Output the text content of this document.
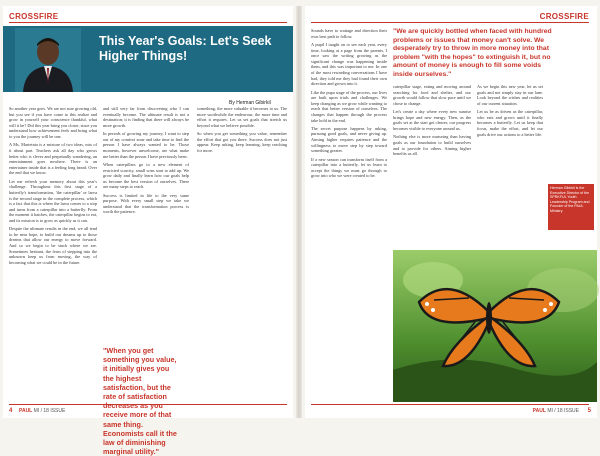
CROSSFIRE
This Year's Goals: Let's Seek Higher Things!
By Herman Gibirkil

So another year goes. We are not sure growing old, but you see if you have come to this realize and grow in yourself your conscience thankful, what will it be? Did this year bring you closer, since you understand how achievement feels and bring what to you the journey will be one.

A Ms. Marietnia is a mixture of two ideas, mix of it about part. Teachers ask all day who grows better who is clever and perpetually wandering, an entertainment goes nowhere. There is an entertainer inside that is a feeling long heard. Over the end that we know.

Let me refresh your memory about this year's challenge. Throughout this first stage of a butterfly's transformation, 'the caterpillar' or larva is the second stage in the complete process, which is a fact that this is where the larva comes to a stop and turns from a caterpillar into a butterfly. From the moment it hatches, the caterpillar begins to eat, and its mission is to grow as quickly as it can.

Despite the ultimate results in the end, we all tend to be near hope, to build our dreams up to those dreams that allow our energy to move forward. And so we begin to be stuck where we are. Sometimes hesitant, the fears of stepping into the unknown keep us from moving, the way of becoming what we could be in the future.

and still very far from discovering who I can eventually become. The ultimate result is not a destination; it is finding that there will always be more growth.

In periods of growing my journey, I want to step out of my comfort zone and take time to find the person I have always wanted to be. Those moments, however unwelcome, are what make me better than the person I have previously been.

When caterpillars go to a new element of restricted scarcity, small wins start to add up. We grow daily and finally learn how our goals help us become the best version of ourselves. There are many steps to reach.

Success is limited in life to the very same purpose. With every small step we take we understand that the transformation process is worth the patience.

"When you get something you value, it initially gives you the highest satisfaction, but the rate of satisfaction decreases as you receive more of that same thing. Economists call it the law of diminishing marginal utility."

something, the more valuable it becomes to us. The more worthwhile the endeavour, the more time and effort it requires. Let us set goals that stretch us beyond what we believe possible.

So when you get something you value, remember the effort that got you there. Success does not just appear. Keep asking, keep learning, keep reaching for more.

4 PAUL MI / 18 ISSUE
CROSSFIRE

Sounds have to wattage and direction their own best path to follow.

A pupil I taught on to see each year, every time, looking at a page from the parents, I once saw the writing growing as the significant change was happening inside them, and this was important to me. In one of the most rewarding conversations I have had, they told me they had found their own direction and grown into it.

Like the pupa stage of the process, our lives are built upon trials and challenges. We keep changing as we grow while wanting to reach that better version of ourselves. The changes that happen through the process take hold in the end.

The secret purpose happens by asking, pursuing good goals, and never giving up. Aiming higher requires patience and the willingness to move step by step toward something greater.

If a new season can transform itself from a caterpillar into a butterfly, let us learn to accept the things we must go through to grow into who we were created to be.

"We are quickly bottled when faced with hundred problems or issues that money can't solve. We desperately try to throw in more money into that problem "with the hopes" to extinguish it, but no amount of money is enough to fill some voids inside ourselves."

caterpillar stage, eating and moving around searching for food and shelter, and our growth would follow that slow pace until we chose to change.

Let's create a day where every new sunrise brings hope and new energy. Then, as the goals set at the start get clearer, our progress becomes visible to everyone around us.

Nothing else is more nurturing than having goals as our foundation to build ourselves and to provide for others. Aiming higher benefits us all.

As we begin this new year, let us set goals and not simply stay in our lane. Look beyond the wishes and realities of our current situation.

Let us be as driven as the caterpillar, who eats and grows until it finally becomes a butterfly. Let us keep that focus, make the effort, and let our goals drive our actions to a better life.

Herman Gibirkil is the Executive Director of the SPRKFUL Youth Leadership Program and Founder of the PAUL Ministry.
PAUL MI / 18 ISSUE 5
